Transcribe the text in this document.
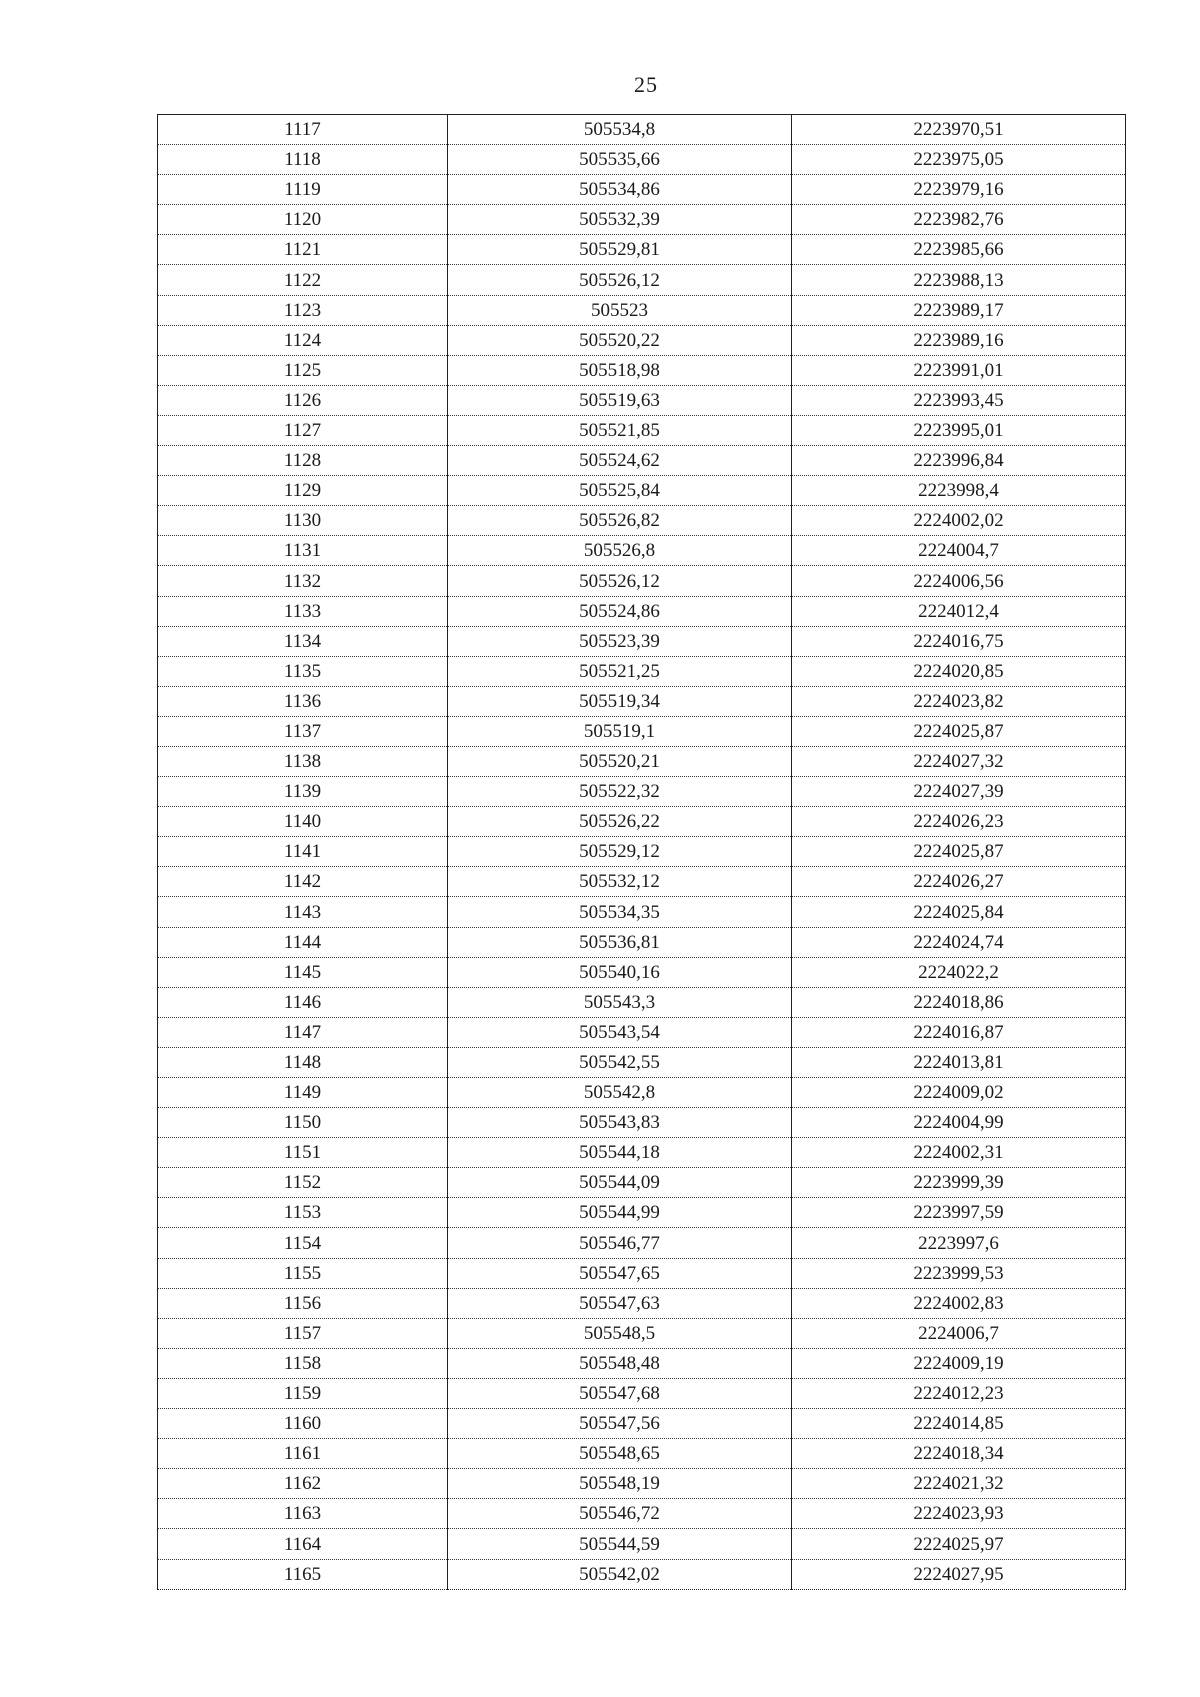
25
1117	505534,8	2223970,51
1118	505535,66	2223975,05
1119	505534,86	2223979,16
1120	505532,39	2223982,76
1121	505529,81	2223985,66
1122	505526,12	2223988,13
1123	505523	2223989,17
1124	505520,22	2223989,16
1125	505518,98	2223991,01
1126	505519,63	2223993,45
1127	505521,85	2223995,01
1128	505524,62	2223996,84
1129	505525,84	2223998,4
1130	505526,82	2224002,02
1131	505526,8	2224004,7
1132	505526,12	2224006,56
1133	505524,86	2224012,4
1134	505523,39	2224016,75
1135	505521,25	2224020,85
1136	505519,34	2224023,82
1137	505519,1	2224025,87
1138	505520,21	2224027,32
1139	505522,32	2224027,39
1140	505526,22	2224026,23
1141	505529,12	2224025,87
1142	505532,12	2224026,27
1143	505534,35	2224025,84
1144	505536,81	2224024,74
1145	505540,16	2224022,2
1146	505543,3	2224018,86
1147	505543,54	2224016,87
1148	505542,55	2224013,81
1149	505542,8	2224009,02
1150	505543,83	2224004,99
1151	505544,18	2224002,31
1152	505544,09	2223999,39
1153	505544,99	2223997,59
1154	505546,77	2223997,6
1155	505547,65	2223999,53
1156	505547,63	2224002,83
1157	505548,5	2224006,7
1158	505548,48	2224009,19
1159	505547,68	2224012,23
1160	505547,56	2224014,85
1161	505548,65	2224018,34
1162	505548,19	2224021,32
1163	505546,72	2224023,93
1164	505544,59	2224025,97
1165	505542,02	2224027,95
